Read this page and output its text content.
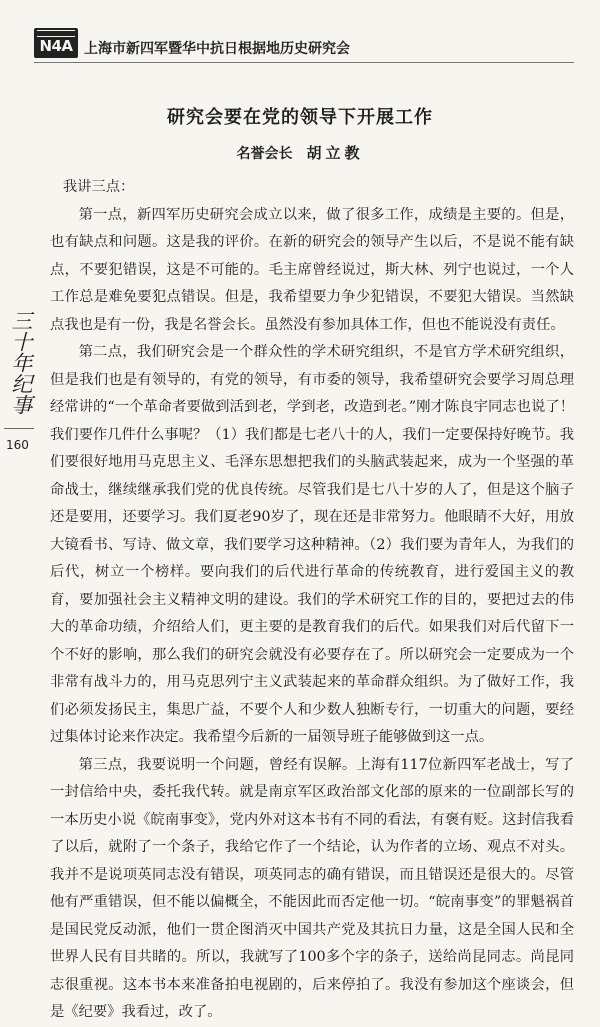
N4A 上海市新四军暨华中抗日根据地历史研究会
研究会要在党的领导下开展工作
名誉会长 胡立教

我讲三点：

第一点，新四军历史研究会成立以来，做了很多工作，成绩是主要的。但是，也有缺点和问题。这是我的评价。在新的研究会的领导产生以后，不是说不能有缺点，不要犯错误，这是不可能的。毛主席曾经说过，斯大林、列宁也说过，一个人工作总是难免要犯点错误。但是，我希望要力争少犯错误，不要犯大错误。当然缺点我也是有一份，我是名誉会长。虽然没有参加具体工作，但也不能说没有责任。

第二点，我们研究会是一个群众性的学术研究组织，不是官方学术研究组织，但是我们也是有领导的，有党的领导，有市委的领导，我希望研究会要学习周总理经常讲的“一个革命者要做到活到老，学到老，改造到老。”刚才陈良宇同志也说了！我们要作几件什么事呢？（1）我们都是七老八十的人，我们一定要保持好晚节。我们要很好地用马克思主义、毛泽东思想把我们的头脑武装起来，成为一个坚强的革命战士，继续继承我们党的优良传统。尽管我们是七八十岁的人了，但是这个脑子还是要用，还要学习。我们夏老90岁了，现在还是非常努力。他眼睛不大好，用放大镜看书、写诗、做文章，我们要学习这种精神。（2）我们要为青年人，为我们的后代，树立一个榜样。要向我们的后代进行革命的传统教育，进行爱国主义的教育，要加强社会主义精神文明的建设。我们的学术研究工作的目的，要把过去的伟大的革命功绩，介绍给人们，更主要的是教育我们的后代。如果我们对后代留下一个不好的影响，那么我们的研究会就没有必要存在了。所以研究会一定要成为一个非常有战斗力的，用马克思列宁主义武装起来的革命群众组织。为了做好工作，我们必须发扬民主，集思广益，不要个人和少数人独断专行，一切重大的问题，要经过集体讨论来作决定。我希望今后新的一届领导班子能够做到这一点。

第三点，我要说明一个问题，曾经有误解。上海有117位新四军老战士，写了一封信给中央，委托我代转。就是南京军区政治部文化部的原来的一位副部长写的一本历史小说《皖南事变》，党内外对这本书有不同的看法，有褒有贬。这封信我看了以后，就附了一个条子，我给它作了一个结论，认为作者的立场、观点不对头。我并不是说项英同志没有错误，项英同志的确有错误，而且错误还是很大的。尽管他有严重错误，但不能以偏概全，不能因此而否定他一切。“皖南事变”的罪魁祸首是国民党反动派，他们一贯企图消灭中国共产党及其抗日力量，这是全国人民和全世界人民有目共睹的。所以，我就写了100多个字的条子，送给尚昆同志。尚昆同志很重视。这本书本来准备拍电视剧的，后来停拍了。我没有参加这个座谈会，但是《纪要》我看过，改了。

三十年纪事
160
